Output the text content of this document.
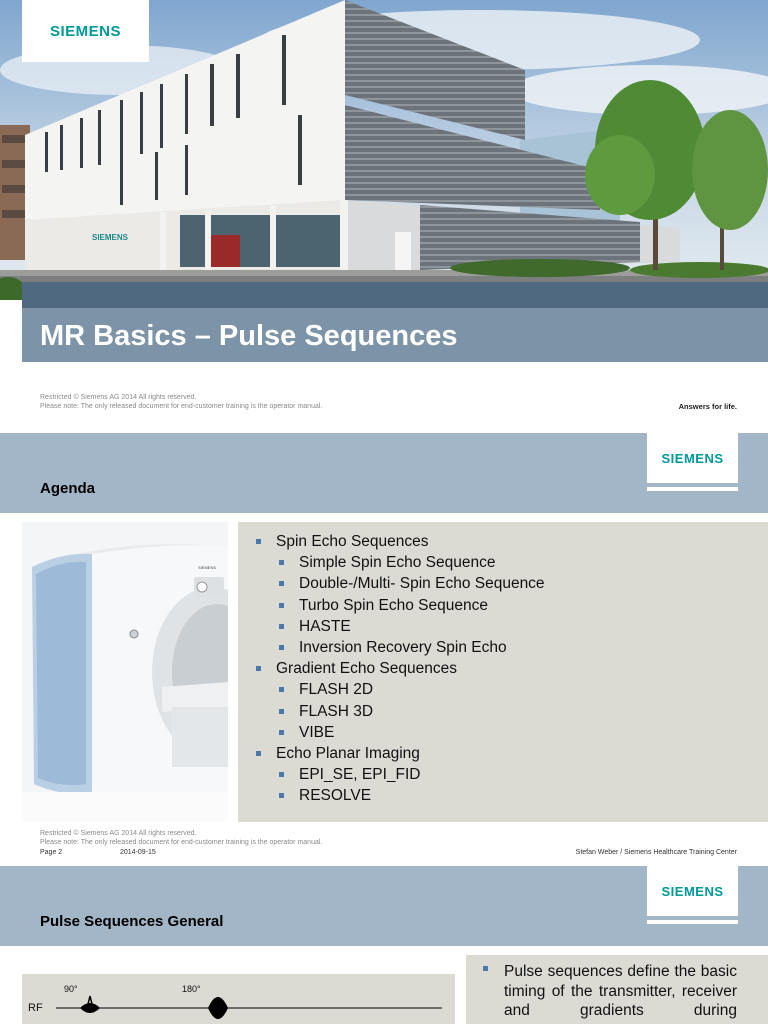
SIEMENS
SIEMENS
MR Basics – Pulse Sequences
Restricted © Siemens AG 2014 All rights reserved.
Please note: The only released document for end-customer training is the operator manual.	Answers for life.
Agenda
SIEMENS
SIEMENS
Spin Echo Sequences
Simple Spin Echo Sequence
Double-/Multi- Spin Echo Sequence
Turbo Spin Echo Sequence
HASTE
Inversion Recovery Spin Echo
Gradient Echo Sequences
FLASH 2D
FLASH 3D
VIBE
Echo Planar Imaging
EPI_SE, EPI_FID
RESOLVE
Restricted © Siemens AG 2014 All rights reserved.
Please note: The only released document for end-customer training is the operator manual.
Page 2	2014-09-15	Stefan Weber / Siemens Healthcare Training Center
Pulse Sequences General
SIEMENS
RF
90°	180°
Pulse sequences define the basic timing of the transmitter, receiver and gradients during
